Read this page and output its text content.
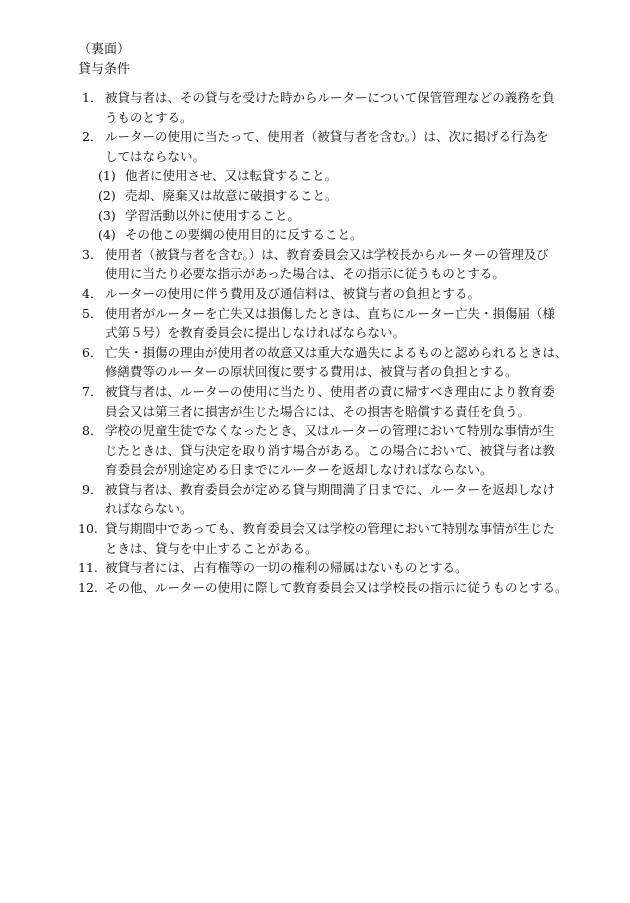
（裏面）
貸与条件
1． 被貸与者は、その貸与を受けた時からルーターについて保管管理などの義務を負
うものとする。
2． ルーターの使用に当たって、使用者（被貸与者を含む。）は、次に掲げる行為を
してはならない。
(1) 他者に使用させ、又は転貸すること。
(2) 売却、廃棄又は故意に破損すること。
(3) 学習活動以外に使用すること。
(4) その他この要綱の使用目的に反すること。
3． 使用者（被貸与者を含む。）は、教育委員会又は学校長からルーターの管理及び
使用に当たり必要な指示があった場合は、その指示に従うものとする。
4． ルーターの使用に伴う費用及び通信料は、被貸与者の負担とする。
5． 使用者がルーターを亡失又は損傷したときは、直ちにルーター亡失・損傷届（様
式第５号）を教育委員会に提出しなければならない。
6． 亡失・損傷の理由が使用者の故意又は重大な過失によるものと認められるときは、
修繕費等のルーターの原状回復に要する費用は、被貸与者の負担とする。
7． 被貸与者は、ルーターの使用に当たり、使用者の責に帰すべき理由により教育委
員会又は第三者に損害が生じた場合には、その損害を賠償する責任を負う。
8． 学校の児童生徒でなくなったとき、又はルーターの管理において特別な事情が生
じたときは、貸与決定を取り消す場合がある。この場合において、被貸与者は教
育委員会が別途定める日までにルーターを返却しなければならない。
9． 被貸与者は、教育委員会が定める貸与期間満了日までに、ルーターを返却しなけ
ればならない。
10. 貸与期間中であっても、教育委員会又は学校の管理において特別な事情が生じた
ときは、貸与を中止することがある。
11. 被貸与者には、占有権等の一切の権利の帰属はないものとする。
12. その他、ルーターの使用に際して教育委員会又は学校長の指示に従うものとする。
